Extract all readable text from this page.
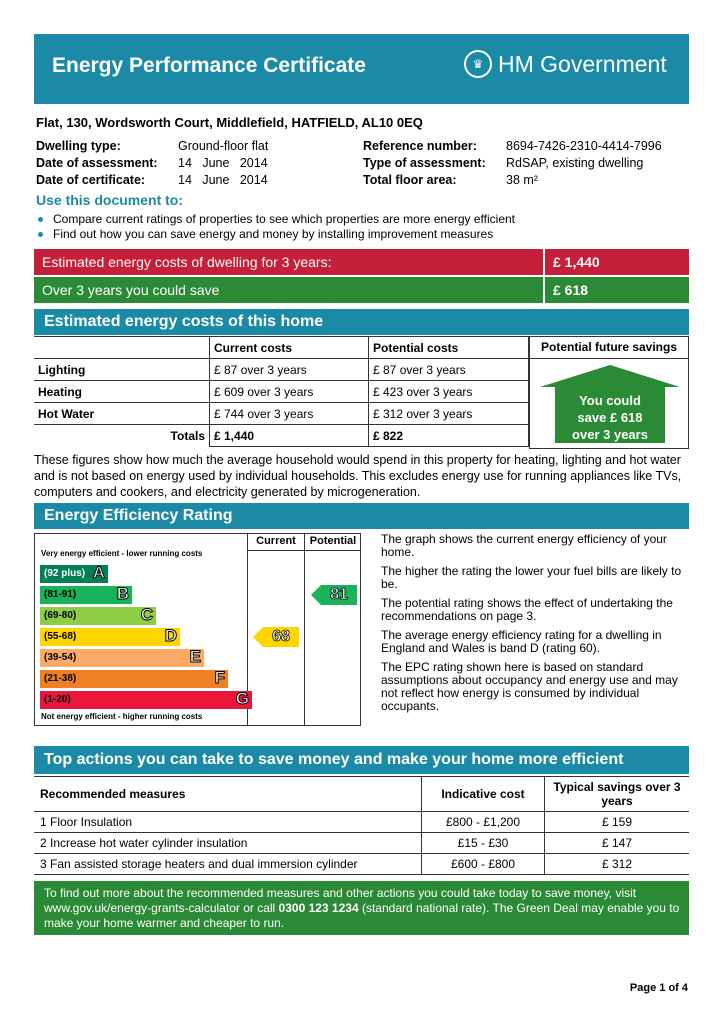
Energy Performance Certificate	♛ HM Government
Flat, 130, Wordsworth Court, Middlefield, HATFIELD, AL10 0EQ
Dwelling type:	Ground-floor flat
Date of assessment: 14   June   2014
Date of certificate:	14   June   2014
Reference number: 8694-7426-2310-4414-7996
Type of assessment: RdSAP, existing dwelling
Total floor area:	38 m²
Use this document to:
Compare current ratings of properties to see which properties are more energy efficient
Find out how you can save energy and money by installing improvement measures
Estimated energy costs of dwelling for 3 years:	£ 1,440
Over 3 years you could save	£ 618
Estimated energy costs of this home
	Current costs	Potential costs
Lighting	£ 87 over 3 years	£ 87 over 3 years
Heating	£ 609 over 3 years	£ 423 over 3 years
Hot Water	£ 744 over 3 years	£ 312 over 3 years
Totals	£ 1,440	£ 822
Potential future savings
You could
save £ 618
over 3 years
These figures show how much the average household would spend in this property for heating, lighting and hot water and is not based on energy used by individual households. This excludes energy use for running appliances like TVs, computers and cookers, and electricity generated by microgeneration.
Energy Efficiency Rating
Current	Potential
Very energy efficient - lower running costs
Not energy efficient - higher running costs
(92 plus) A
(81-91) B
(69-80)	C
(55-68)	D
(39-54)	E
(21-38)	F
(1-20)	G
68
81

The graph shows the current energy efficiency of your home.

The higher the rating the lower your fuel bills are likely to be.

The potential rating shows the effect of undertaking the recommendations on page 3.

The average energy efficiency rating for a dwelling in England and Wales is band D (rating 60).

The EPC rating shown here is based on standard assumptions about occupancy and energy use and may not reflect how energy is consumed by individual occupants.

Top actions you can take to save money and make your home more efficient
Recommended measures	Indicative cost	Typical savings over 3 years
1 Floor Insulation	£800 - £1,200	£ 159
2 Increase hot water cylinder insulation	£15 - £30	£ 147
3 Fan assisted storage heaters and dual immersion cylinder	£600 - £800	£ 312
To find out more about the recommended measures and other actions you could take today to save money, visit www.gov.uk/energy-grants-calculator or call 0300 123 1234 (standard national rate). The Green Deal may enable you to make your home warmer and cheaper to run.
Page 1 of 4
